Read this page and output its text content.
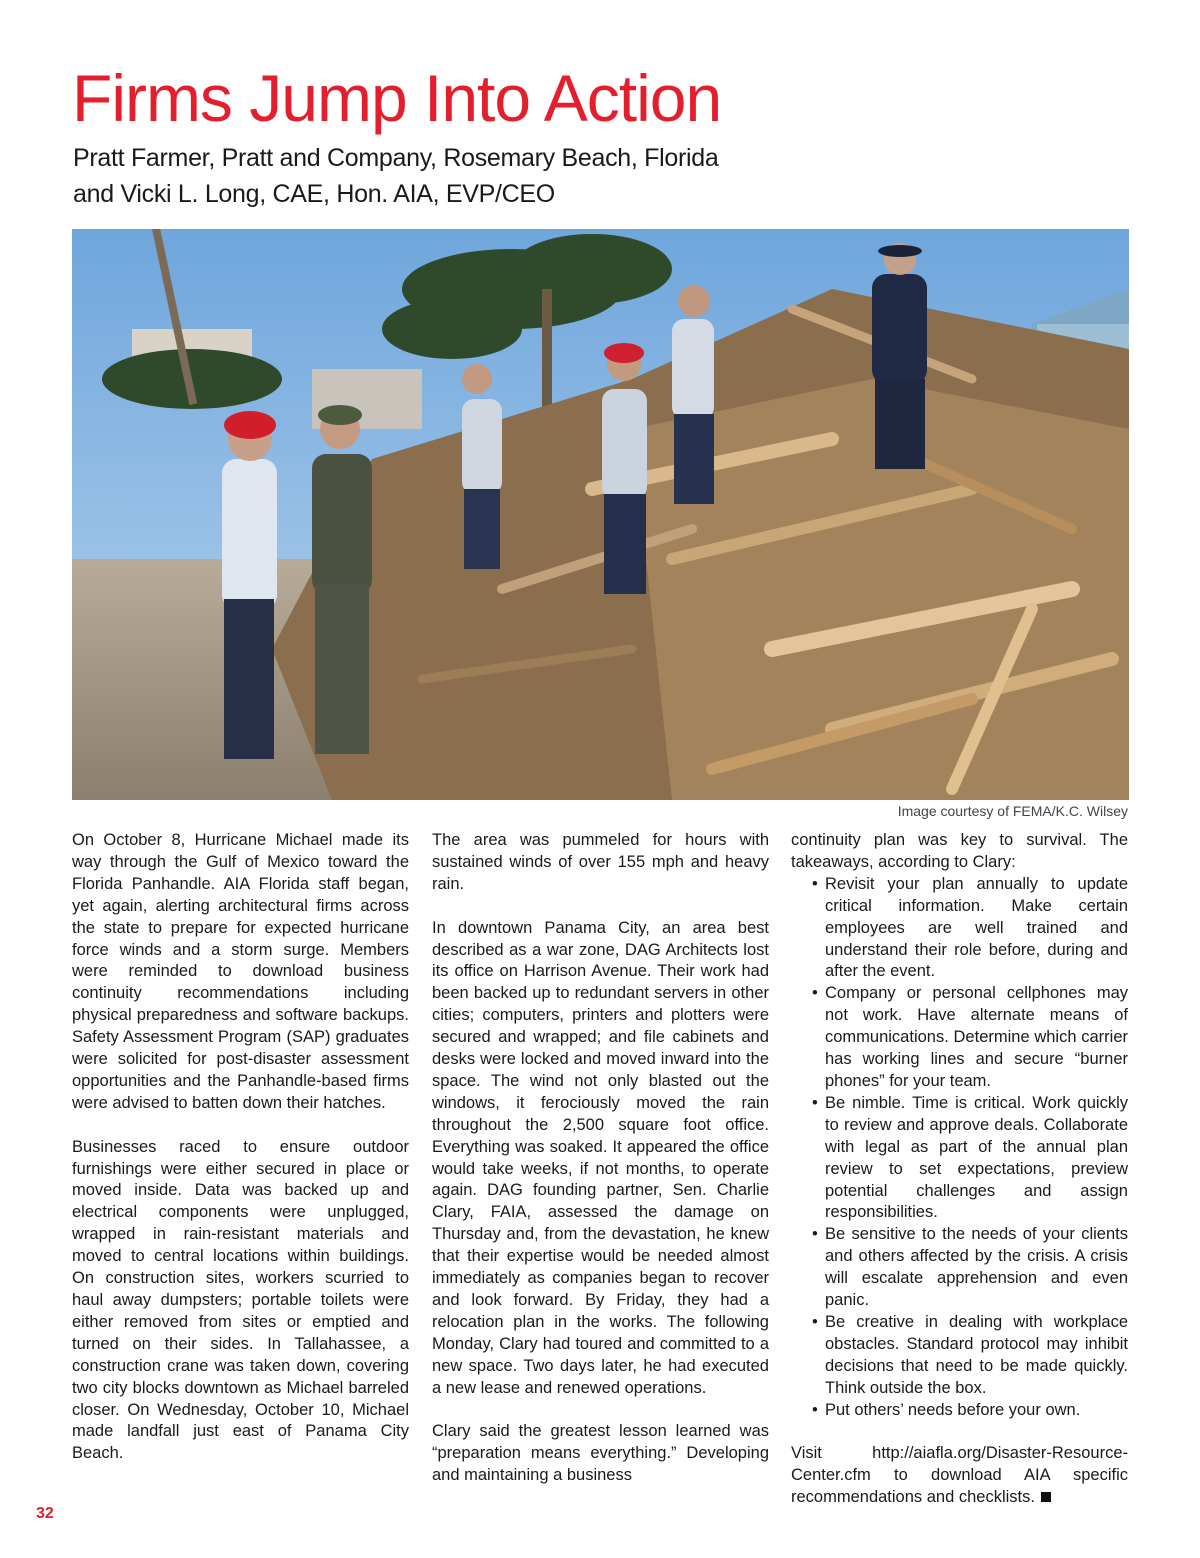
Firms Jump Into Action
Pratt Farmer, Pratt and Company, Rosemary Beach, Florida
and Vicki L. Long, CAE, Hon. AIA, EVP/CEO
Image courtesy of FEMA/K.C. Wilsey

On October 8, Hurricane Michael made its way through the Gulf of Mexico toward the Florida Panhandle. AIA Florida staff began, yet again, alerting architectural firms across the state to prepare for expected hurricane force winds and a storm surge. Members were reminded to download business continuity recommendations including physical preparedness and software backups. Safety Assessment Program (SAP) graduates were solicited for post-disaster assessment opportunities and the Panhandle-based firms were advised to batten down their hatches.

Businesses raced to ensure outdoor furnishings were either secured in place or moved inside. Data was backed up and electrical components were unplugged, wrapped in rain-resistant materials and moved to central locations within buildings. On construction sites, workers scurried to haul away dumpsters; portable toilets were either removed from sites or emptied and turned on their sides. In Tallahassee, a construction crane was taken down, covering two city blocks downtown as Michael barreled closer. On Wednesday, October 10, Michael made landfall just east of Panama City Beach.

The area was pummeled for hours with sustained winds of over 155 mph and heavy rain.

In downtown Panama City, an area best described as a war zone, DAG Architects lost its office on Harrison Avenue. Their work had been backed up to redundant servers in other cities; computers, printers and plotters were secured and wrapped; and file cabinets and desks were locked and moved inward into the space. The wind not only blasted out the windows, it ferociously moved the rain throughout the 2,500 square foot office. Everything was soaked. It appeared the office would take weeks, if not months, to operate again. DAG founding partner, Sen. Charlie Clary, FAIA, assessed the damage on Thursday and, from the devastation, he knew that their expertise would be needed almost immediately as companies began to recover and look forward. By Friday, they had a relocation plan in the works. The following Monday, Clary had toured and committed to a new space. Two days later, he had executed a new lease and renewed operations.

Clary said the greatest lesson learned was “preparation means everything.” Developing and maintaining a business

continuity plan was key to survival. The takeaways, according to Clary:

• Revisit your plan annually to update critical information. Make certain employees are well trained and understand their role before, during and after the event.
• Company or personal cellphones may not work. Have alternate means of communications. Determine which carrier has working lines and secure “burner phones” for your team.
• Be nimble. Time is critical. Work quickly to review and approve deals. Collaborate with legal as part of the annual plan review to set expectations, preview potential challenges and assign responsibilities.
• Be sensitive to the needs of your clients and others affected by the crisis. A crisis will escalate apprehension and even panic.
• Be creative in dealing with workplace obstacles. Standard protocol may inhibit decisions that need to be made quickly. Think outside the box.
• Put others’ needs before your own.

Visit http://aiafla.org/Disaster-Resource-Center.cfm to download AIA specific recommendations and checklists.

32
